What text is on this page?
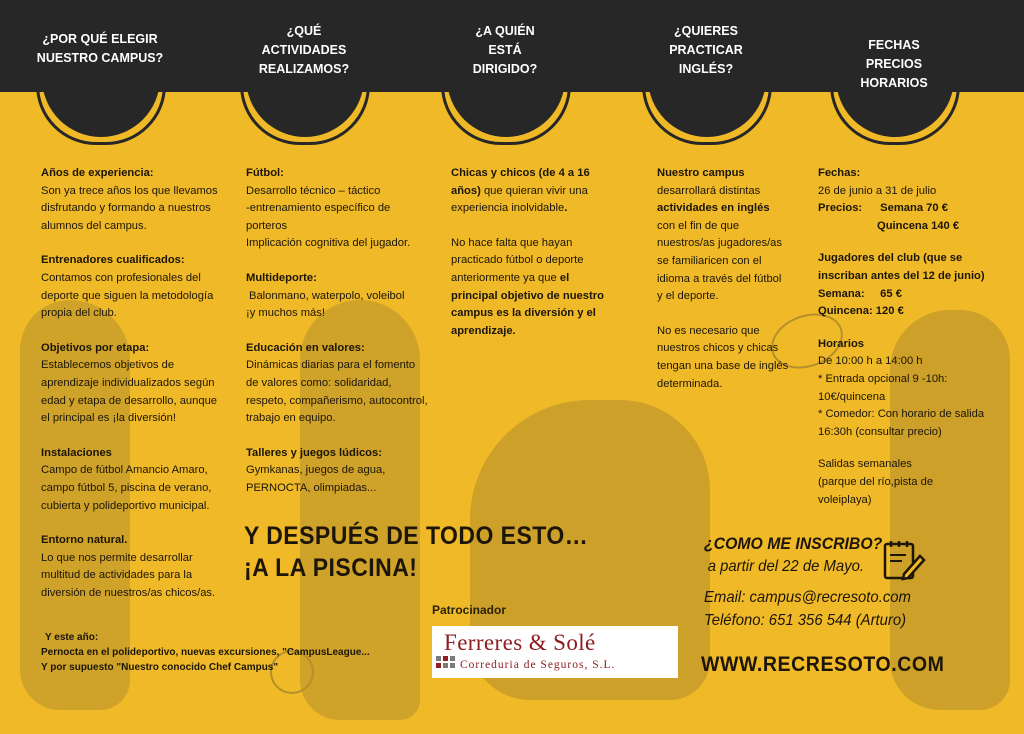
¿POR QUÉ ELEGIR
NUESTRO CAMPUS?
¿QUÉ
ACTIVIDADES
REALIZAMOS?
¿A QUIÉN
ESTÁ
DIRIGIDO?
¿QUIERES
PRACTICAR
INGLÉS?
FECHAS
PRECIOS
HORARIOS

Años de experiencia:
Son ya trece años los que llevamos disfrutando y formando a nuestros alumnos del campus.

Entrenadores cualificados:
Contamos con profesionales del deporte que siguen la metodología propia del club.

Objetivos por etapa:
Establecemos objetivos de aprendizaje individualizados según edad y etapa de desarrollo, aunque el principal es ¡la diversión!

Instalaciones
Campo de fútbol Amancio Amaro, campo fútbol 5, piscina de verano, cubierta y polideportivo municipal.

Entorno natural.
Lo que nos permite desarrollar multitud de actividades para la diversión de nuestros/as chicos/as.

Y este año:
Pernocta en el polideportivo, nuevas excursiones, "CampusLeague...
Y por supuesto "Nuestro conocido Chef Campus"

Fútbol:
Desarrollo técnico – táctico
-entrenamiento específico de porteros
Implicación cognitiva del jugador.

Multideporte:
Balonmano, waterpolo, voleibol
¡y muchos más!

Educación en valores:
Dinámicas diarias para el fomento de valores como: solidaridad, respeto, compañerismo, autocontrol, trabajo en equipo.

Talleres y juegos lúdicos:
Gymkanas, juegos de agua, PERNOCTA, olimpiadas...

Chicas y chicos (de 4 a 16 años) que quieran vivir una experiencia inolvidable.

No hace falta que hayan practicado fútbol o deporte anteriormente ya que el principal objetivo de nuestro campus es la diversión y el aprendizaje.

Nuestro campus
desarrollará distintas
actividades en inglés
con el fin de que nuestros/as jugadores/as se familiaricen con el idioma a través del fútbol y el deporte.

No es necesario que nuestros chicos y chicas tengan una base de inglés determinada.

Fechas:
26 de junio a 31 de julio
Precios: Semana 70 €
Quincena 140 €

Jugadores del club (que se inscriban antes del 12 de junio)
Semana:     65 €
Quincena: 120 €

Horarios
De 10:00 h a 14:00 h
* Entrada opcional 9 -10h: 10€/quincena
* Comedor: Con horario de salida 16:30h (consultar precio)

Salidas semanales
(parque del río,pista de voleiplaya)

Y DESPUÉS DE TODO ESTO…
¡A LA PISCINA!
Patrocinador
Ferreres & Solé
Correduria de Seguros, S.L.
¿COMO ME INSCRIBO?
a partir del 22 de Mayo.
Email: campus@recresoto.com
Teléfono: 651 356 544 (Arturo)
WWW.RECRESOTO.COM
